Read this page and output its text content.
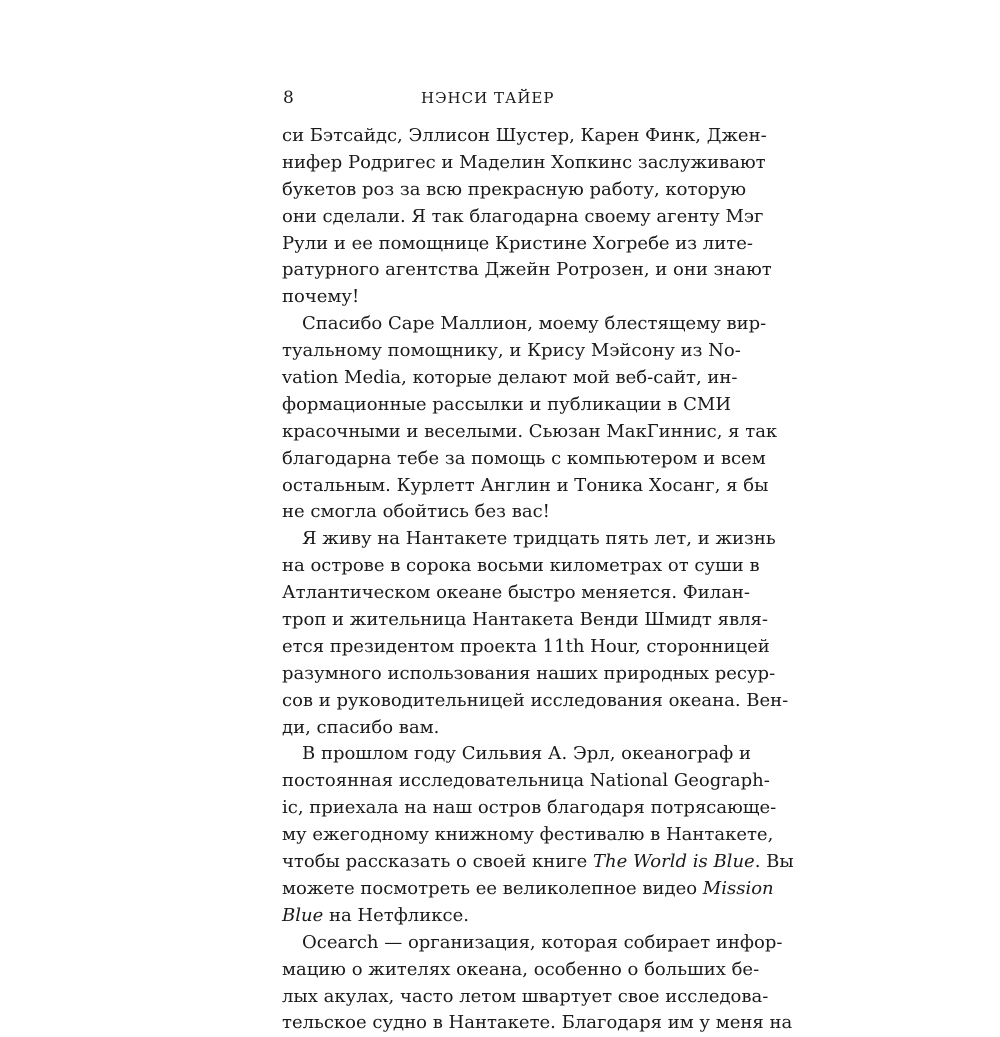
8	НЭНСИ ТАЙЕР
си Бэтсайдс, Эллисон Шустер, Карен Финк, Джен-
нифер Родригес и Маделин Хопкинс заслуживают
букетов роз за всю прекрасную работу, которую
они сделали. Я так благодарна своему агенту Мэг
Рули и ее помощнице Кристине Хогребе из лите-
ратурного агентства Джейн Ротрозен, и они знают
почему!
Спасибо Саре Маллион, моему блестящему вир-
туальному помощнику, и Крису Мэйсону из No-
vation Media, которые делают мой веб-сайт, ин-
формационные рассылки и публикации в СМИ
красочными и веселыми. Сьюзан МакГиннис, я так
благодарна тебе за помощь с компьютером и всем
остальным. Курлетт Англин и Тоника Хосанг, я бы
не смогла обойтись без вас!
Я живу на Нантакете тридцать пять лет, и жизнь
на острове в сорока восьми километрах от суши в
Атлантическом океане быстро меняется. Филан-
троп и жительница Нантакета Венди Шмидт явля-
ется президентом проекта 11th Hour, сторонницей
разумного использования наших природных ресур-
сов и руководительницей исследования океана. Вен-
ди, спасибо вам.
В прошлом году Сильвия А. Эрл, океанограф и
постоянная исследовательница National Geograph-
ic, приехала на наш остров благодаря потрясающе-
му ежегодному книжному фестивалю в Нантакете,
чтобы рассказать о своей книге The World is Blue. Вы
можете посмотреть ее великолепное видео Mission
Blue на Нетфликсе.
Ocearch — организация, которая собирает инфор-
мацию о жителях океана, особенно о больших бе-
лых акулах, часто летом швартует свое исследова-
тельское судно в Нантакете. Благодаря им у меня на
